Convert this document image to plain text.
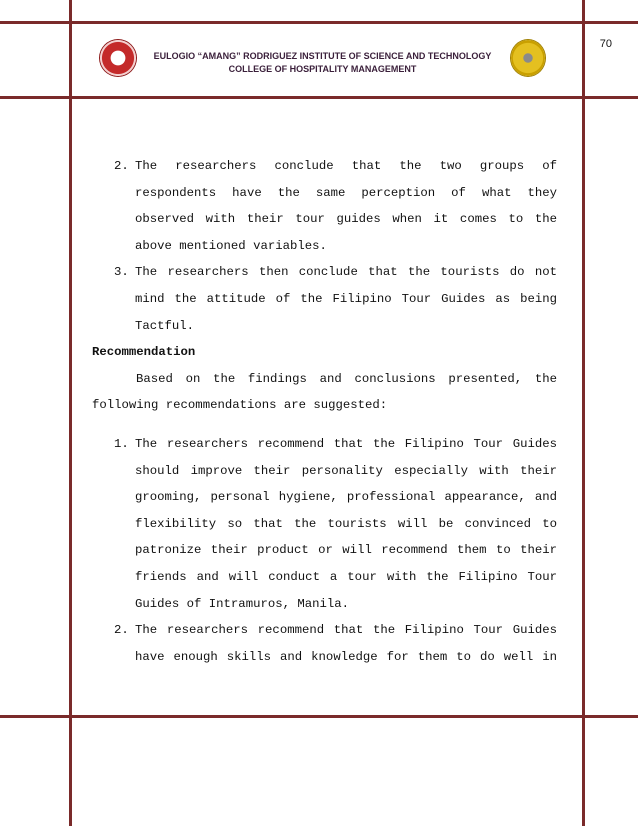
70
EULOGIO “AMANG” RODRIGUEZ INSTITUTE OF SCIENCE AND TECHNOLOGY
COLLEGE OF HOSPITALITY MANAGEMENT
2. The researchers conclude that the two groups of respondents have the same perception of what they observed with their tour guides when it comes to the above mentioned variables.
3. The researchers then conclude that the tourists do not mind the attitude of the Filipino Tour Guides as being Tactful.
Recommendation
Based on the findings and conclusions presented, the following recommendations are suggested:
1. The researchers recommend that the Filipino Tour Guides should improve their personality especially with their grooming, personal hygiene, professional appearance, and flexibility so that the tourists will be convinced to patronize their product or will recommend them to their friends and will conduct a tour with the Filipino Tour Guides of Intramuros, Manila.
2. The researchers recommend that the Filipino Tour Guides have enough skills and knowledge for them to do well in
